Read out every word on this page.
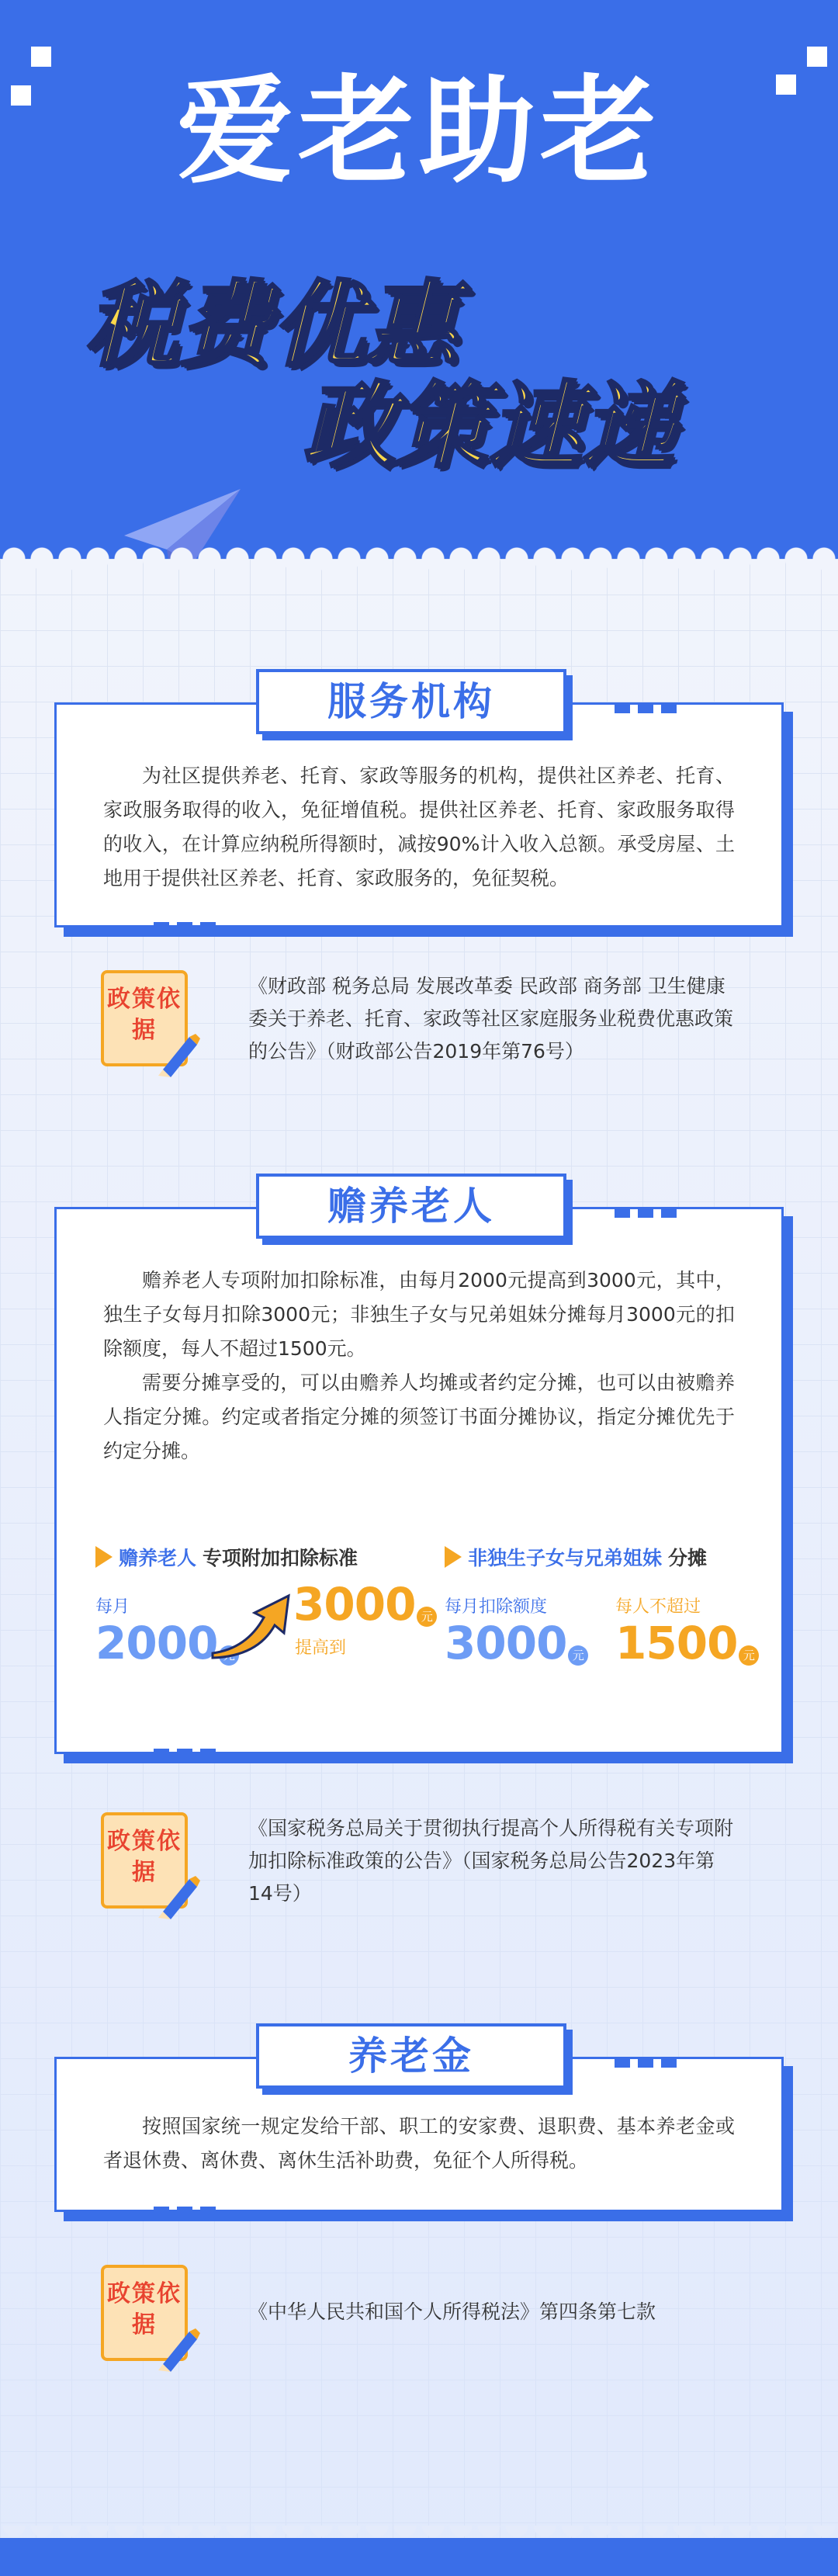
爱老助老
税费优惠
政策速递
为社区提供养老、托育、家政等服务的机构，提供社区养老、托育、家政服务取得的收入，免征增值税。提供社区养老、托育、家政服务取得的收入，在计算应纳税所得额时，减按90%计入收入总额。承受房屋、土地用于提供社区养老、托育、家政服务的，免征契税。
服务机构
政策依据
《财政部 税务总局 发展改革委 民政部 商务部 卫生健康委关于养老、托育、家政等社区家庭服务业税费优惠政策的公告》（财政部公告2019年第76号）
赡养老人专项附加扣除标准，由每月2000元提高到3000元，其中，独生子女每月扣除3000元；非独生子女与兄弟姐妹分摊每月3000元的扣除额度，每人不超过1500元。
需要分摊享受的，可以由赡养人均摊或者约定分摊，也可以由被赡养人指定分摊。约定或者指定分摊的须签订书面分摊协议，指定分摊优先于约定分摊。
赡养老人 专项附加扣除标准
每月
2000
3000 元
提高到
非独生子女与兄弟姐妹 分摊
每月扣除额度
3000 元
每人不超过
1500 元
赡养老人
政策依据
《国家税务总局关于贯彻执行提高个人所得税有关专项附加扣除标准政策的公告》（国家税务总局公告2023年第14号）
按照国家统一规定发给干部、职工的安家费、退职费、基本养老金或者退休费、离休费、离休生活补助费，免征个人所得税。
养老金
政策依据	《中华人民共和国个人所得税法》第四条第七款
